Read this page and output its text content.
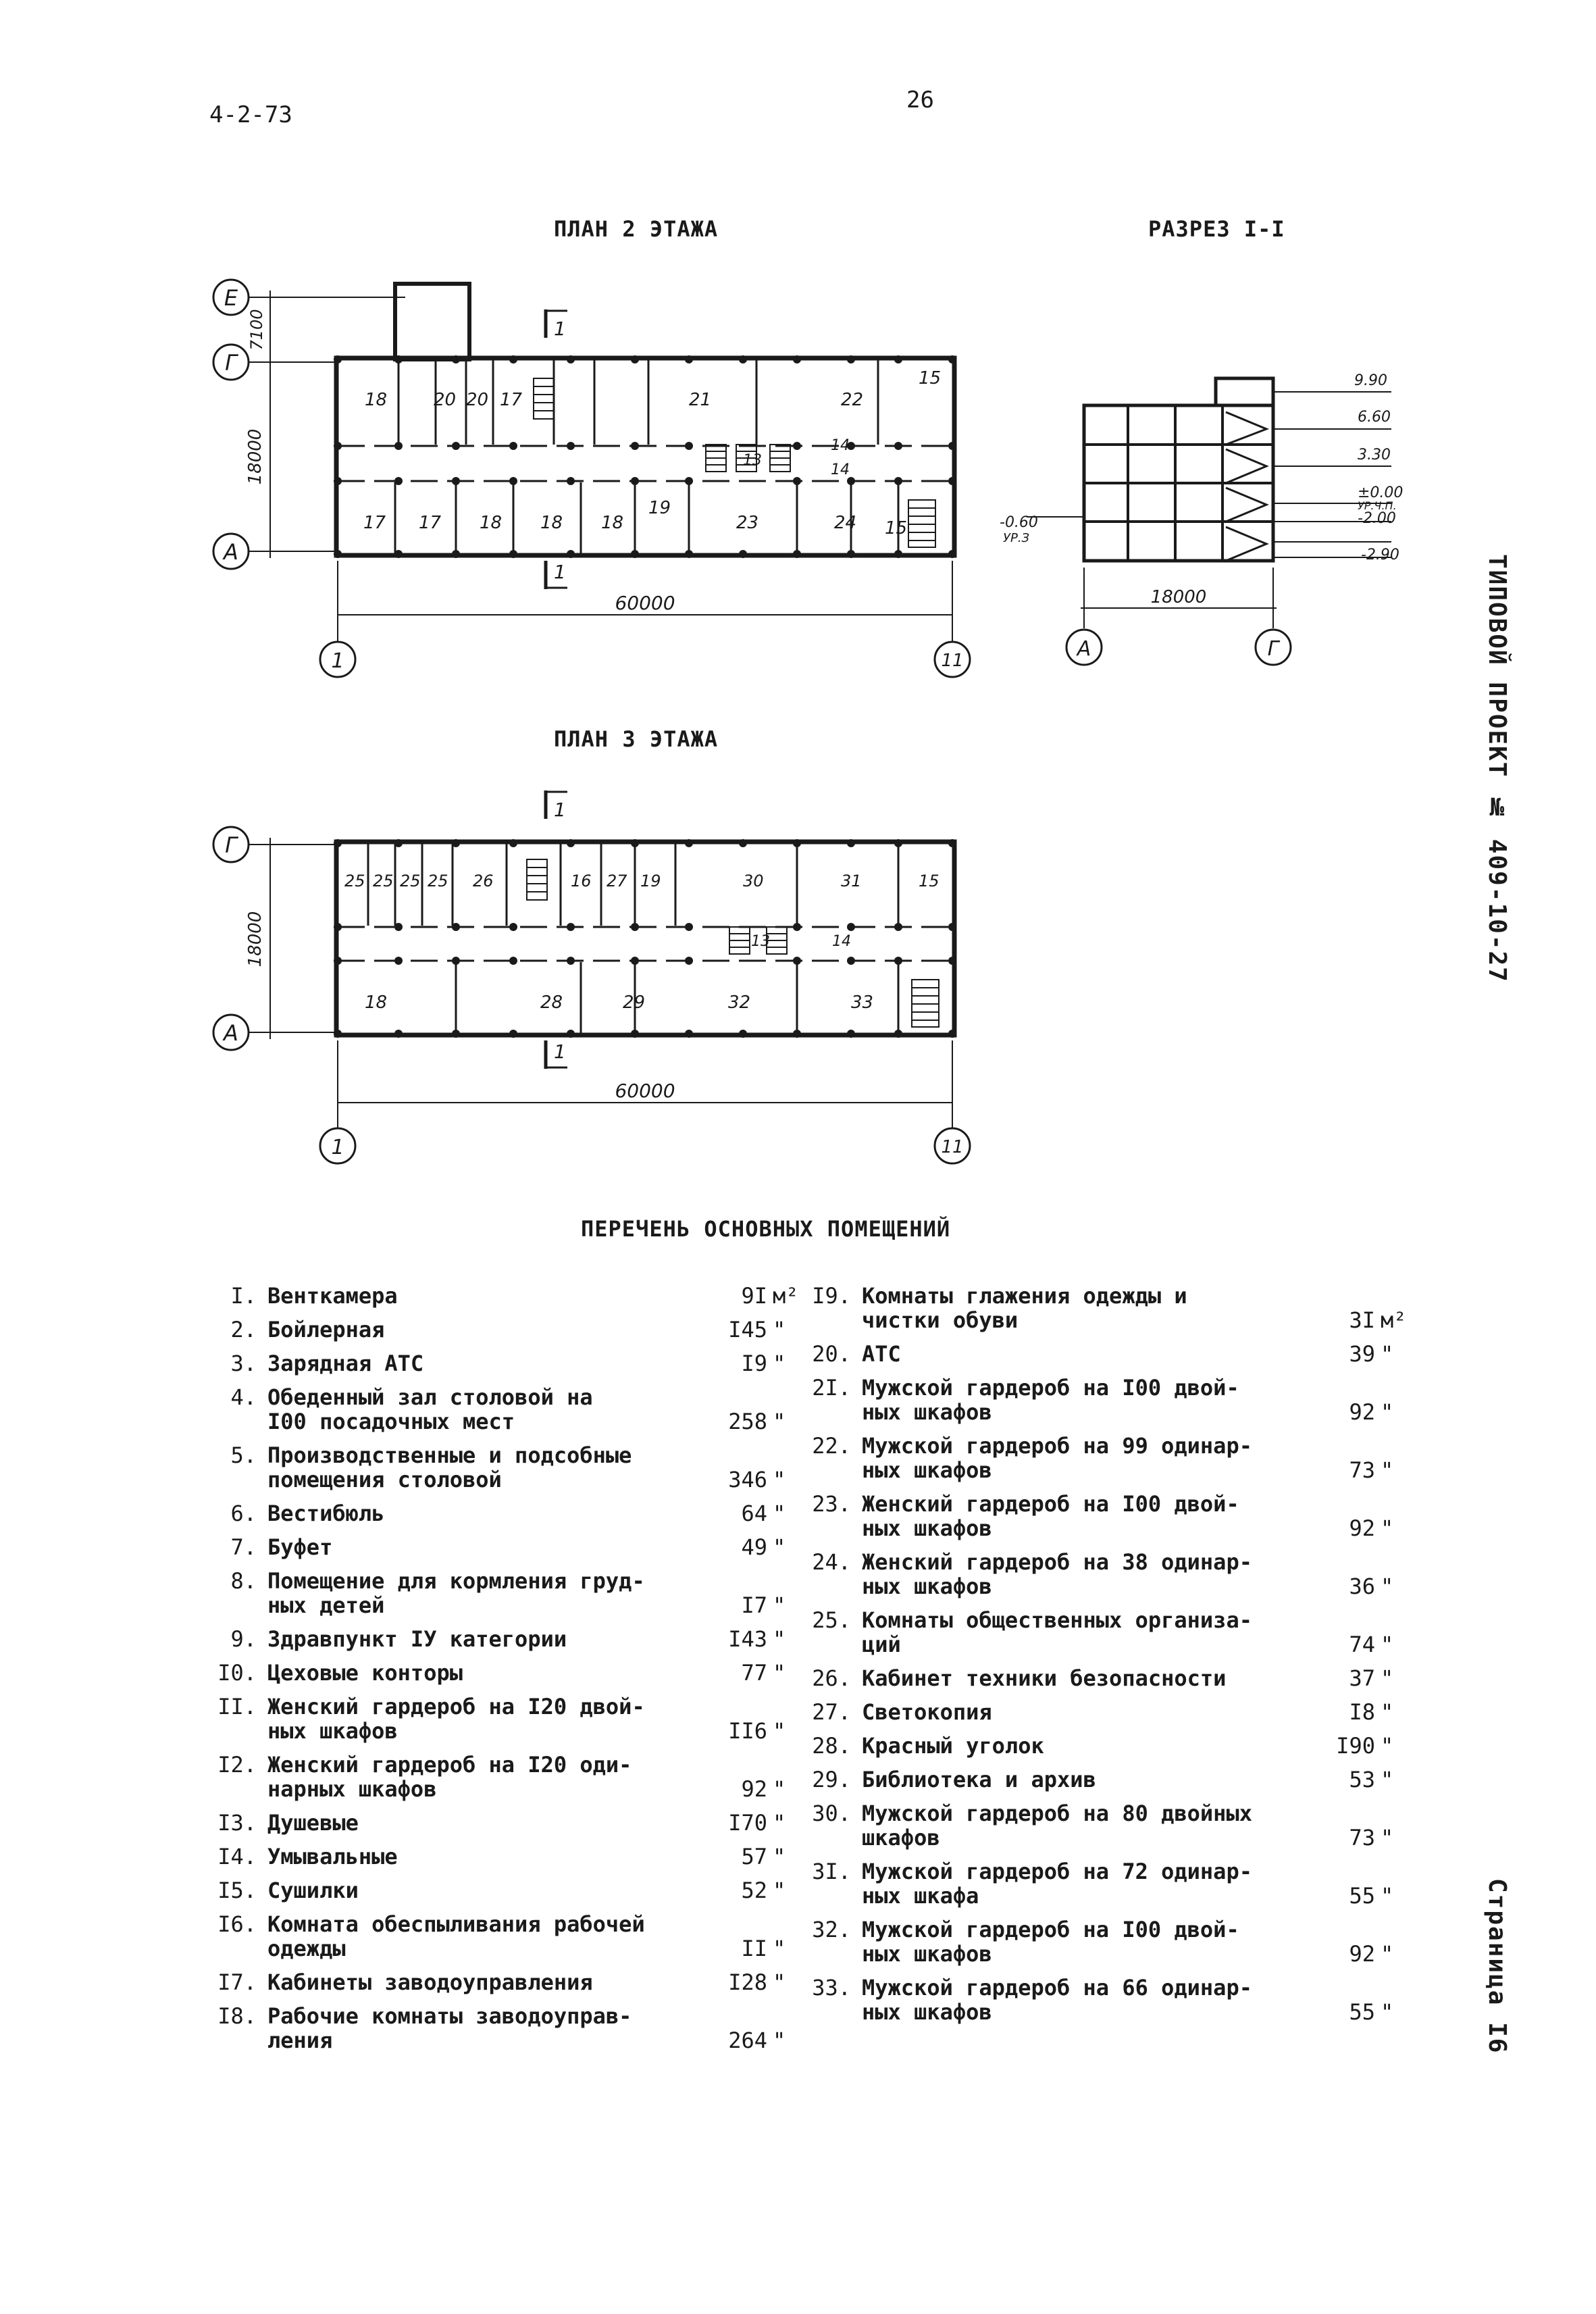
4-2-73
26
ТИПОВОЙ ПРОЕКТ № 409-10-27
Страница I6
ПЛАН 2 ЭТАЖА	РАЗРЕЗ I-I
Е
Г
А
7100
18000
1
1
18	20 20 17	21	22
15
13
14
14
17 17 18 18 18
19
23	24 15
60000
1	11
-0.60
УР.З
9.90
6.60
3.30
±0.00
УР.Ч.П.
-2.00
-2.90
18000
А	Г
ПЛАН 3 ЭТАЖА
Г
А
18000
1
1
25 25 25 25 26	16 27 19	30	31	15
13	14
18	28	29	32	33
60000
1	11
ПЕРЕЧЕНЬ ОСНОВНЫХ ПОМЕЩЕНИЙ
I. Венткамера	9I м²
2. Бойлерная	I45 "
3. Зарядная АТС	I9 "
4. Обеденный зал столовой на
I00 посадочных мест	258 "
5. Производственные и подсобные
помещения столовой	346 "
6. Вестибюль	64 "
7. Буфет	49 "
8. Помещение для кормления груд-
ных детей	I7 "
9. Здравпункт IУ категории	I43 "
I0. Цеховые конторы	77 "
II. Женский гардероб на I20 двой-
ных шкафов	II6 "
I2. Женский гардероб на I20 оди-
нарных шкафов	92 "
I3. Душевые	I70 "
I4. Умывальные	57 "
I5. Сушилки	52 "
I6. Комната обеспыливания рабочей
одежды	II "
I7. Кабинеты заводоуправления	I28 "
I8. Рабочие комнаты заводоуправ-
ления	264 "
I9. Комнаты глажения одежды и
чистки обуви	3I м²
20. АТС	39 "
2I. Мужской гардероб на I00 двой-
ных шкафов	92 "
22. Мужской гардероб на 99 одинар-
ных шкафов	73 "
23. Женский гардероб на I00 двой-
ных шкафов	92 "
24. Женский гардероб на 38 одинар-
ных шкафов	36 "
25. Комнаты общественных организа-
ций	74 "
26. Кабинет техники безопасности	37 "
27. Светокопия	I8 "
28. Красный уголок	I90 "
29. Библиотека и архив	53 "
30. Мужской гардероб на 80 двойных
шкафов	73 "
3I. Мужской гардероб на 72 одинар-
ных шкафа	55 "
32. Мужской гардероб на I00 двой-
ных шкафов	92 "
33. Мужской гардероб на 66 одинар-
ных шкафов	55 "
